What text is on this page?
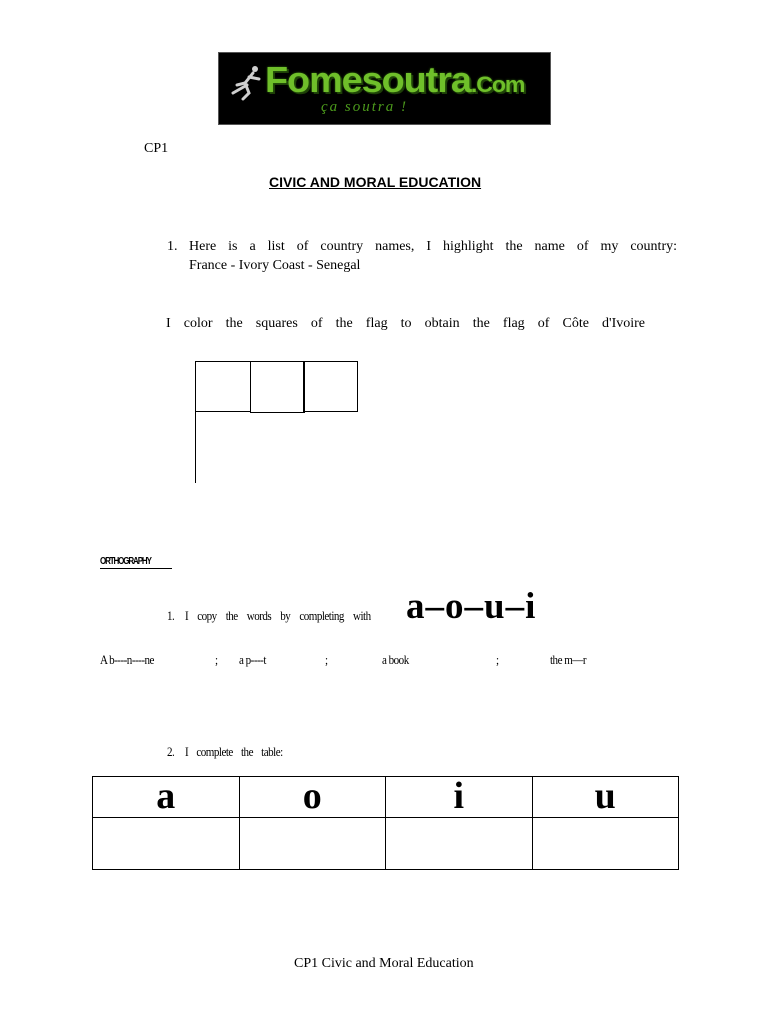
Fomesoutra.Com
ça soutra !
CP1
CIVIC AND MORAL EDUCATION
1. Here is a list of country names, I highlight the name of my country:
France - Ivory Coast - Senegal
I color the squares of the flag to obtain the flag of Côte d'Ivoire
ORTHOGRAPHY
1. I copy the words by completing with a–o–u–i
A b----n----ne	; a p----t	;	a book	;	the m—r
2. I complete the table:
a	o	i	u

CP1 Civic and Moral Education
